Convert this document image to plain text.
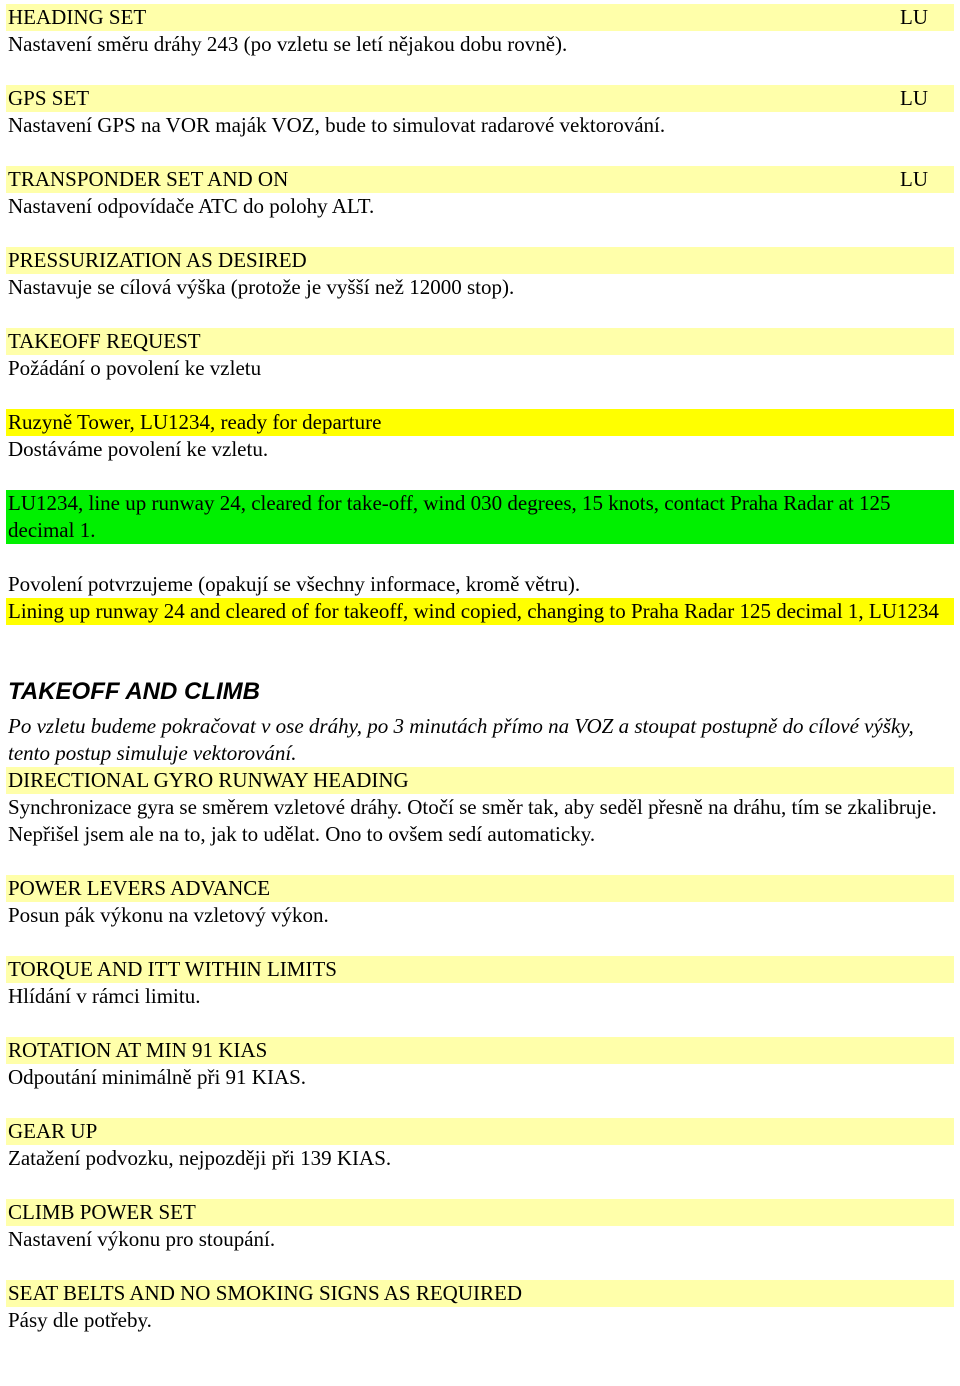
HEADING SET	LU
Nastavení směru dráhy 243 (po vzletu se letí nějakou dobu rovně).
GPS SET	LU
Nastavení GPS na VOR maják VOZ, bude to simulovat radarové vektorování.
TRANSPONDER SET AND ON	LU
Nastavení odpovídače ATC do polohy ALT.
PRESSURIZATION AS DESIRED
Nastavuje se cílová výška (protože je vyšší než 12000 stop).
TAKEOFF REQUEST
Požádání o povolení ke vzletu
Ruzyně Tower, LU1234, ready for departure
Dostáváme povolení ke vzletu.
LU1234, line up runway 24, cleared for take-off, wind 030 degrees, 15 knots, contact Praha Radar at 125 decimal 1.
Povolení potvrzujeme (opakují se všechny informace, kromě větru).
Lining up runway 24 and cleared of for takeoff, wind copied, changing to Praha Radar 125 decimal 1, LU1234
TAKEOFF AND CLIMB
Po vzletu budeme pokračovat v ose dráhy, po 3 minutách přímo na VOZ a stoupat postupně do cílové výšky, tento postup simuluje vektorování.
DIRECTIONAL GYRO RUNWAY HEADING
Synchronizace gyra se směrem vzletové dráhy. Otočí se směr tak, aby seděl přesně na dráhu, tím se zkalibruje. Nepřišel jsem ale na to, jak to udělat. Ono to ovšem sedí automaticky.
POWER LEVERS ADVANCE
Posun pák výkonu na vzletový výkon.
TORQUE AND ITT WITHIN LIMITS
Hlídání v rámci limitu.
ROTATION AT MIN 91 KIAS
Odpoutání minimálně při 91 KIAS.
GEAR UP
Zatažení podvozku, nejpozději při 139 KIAS.
CLIMB POWER SET
Nastavení výkonu pro stoupání.
SEAT BELTS AND NO SMOKING SIGNS AS REQUIRED
Pásy dle potřeby.
